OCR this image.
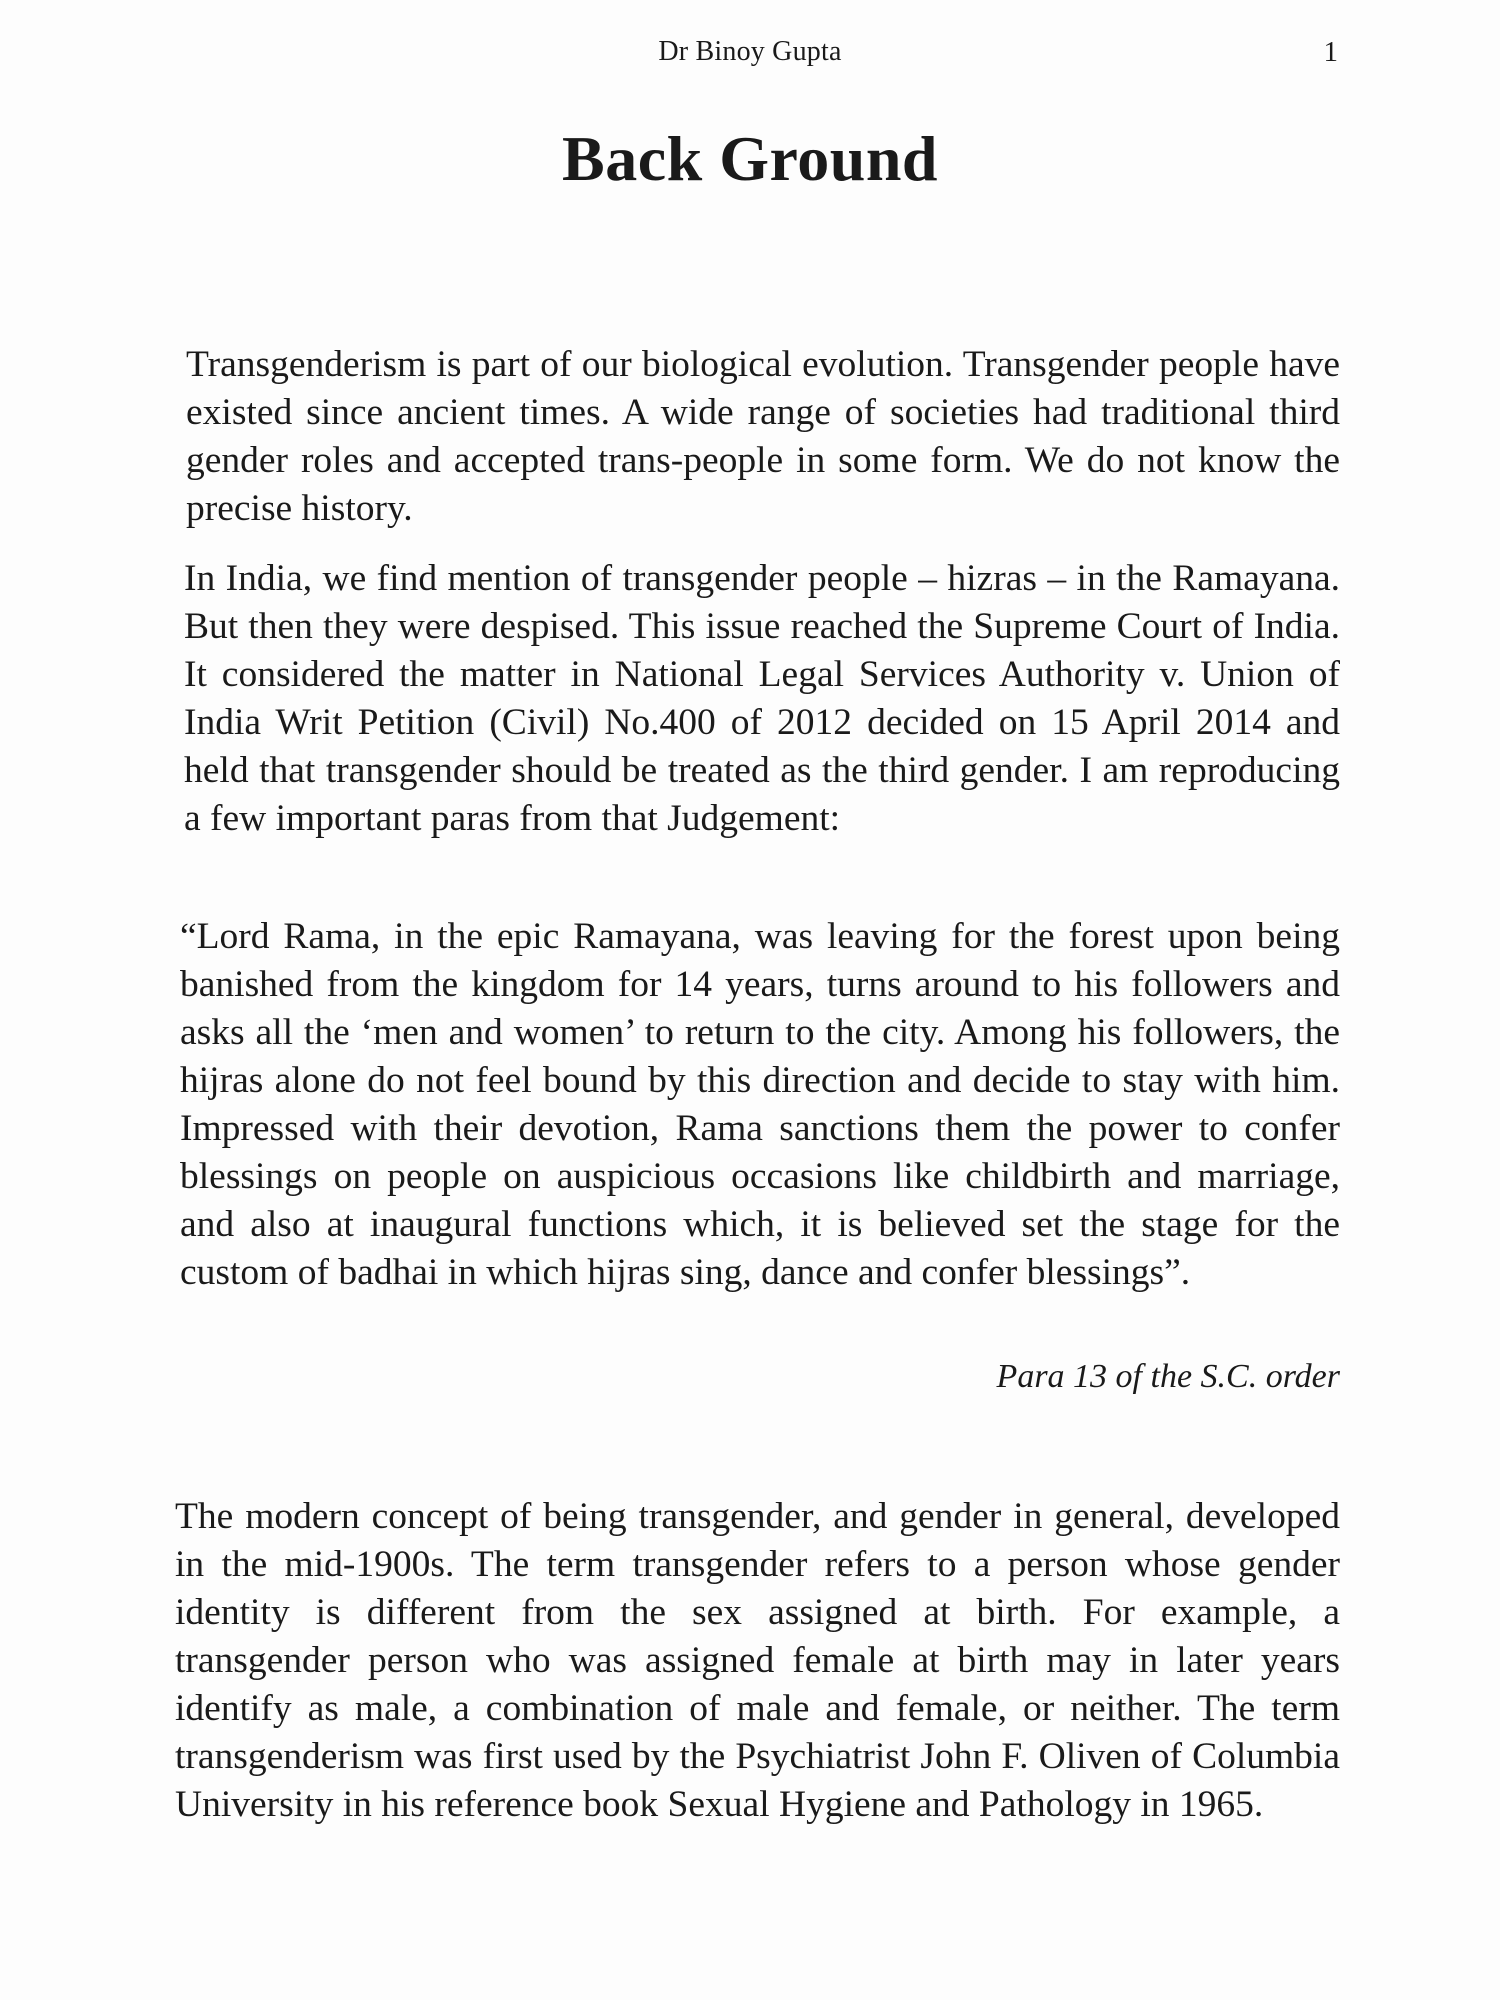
Dr Binoy Gupta	1
Back Ground

Transgenderism is part of our biological evolution. Transgender people have existed since ancient times. A wide range of societies had traditional third gender roles and accepted trans-people in some form. We do not know the precise history.

In India, we find mention of transgender people – hizras – in the Ramayana. But then they were despised. This issue reached the Supreme Court of India. It considered the matter in National Legal Services Authority v. Union of India Writ Petition (Civil) No.400 of 2012 decided on 15 April 2014 and held that transgender should be treated as the third gender. I am reproducing a few important paras from that Judgement:

“Lord Rama, in the epic Ramayana, was leaving for the forest upon being banished from the kingdom for 14 years, turns around to his followers and asks all the ‘men and women’ to return to the city. Among his followers, the hijras alone do not feel bound by this direction and decide to stay with him. Impressed with their devotion, Rama sanctions them the power to confer blessings on people on auspicious occasions like childbirth and marriage, and also at inaugural functions which, it is believed set the stage for the custom of badhai in which hijras sing, dance and confer blessings”.

Para 13 of the S.C. order

The modern concept of being transgender, and gender in general, developed in the mid-1900s. The term transgender refers to a person whose gender identity is different from the sex assigned at birth. For example, a transgender person who was assigned female at birth may in later years identify as male, a combination of male and female, or neither. The term transgenderism was first used by the Psychiatrist John F. Oliven of Columbia University in his reference book Sexual Hygiene and Pathology in 1965.
